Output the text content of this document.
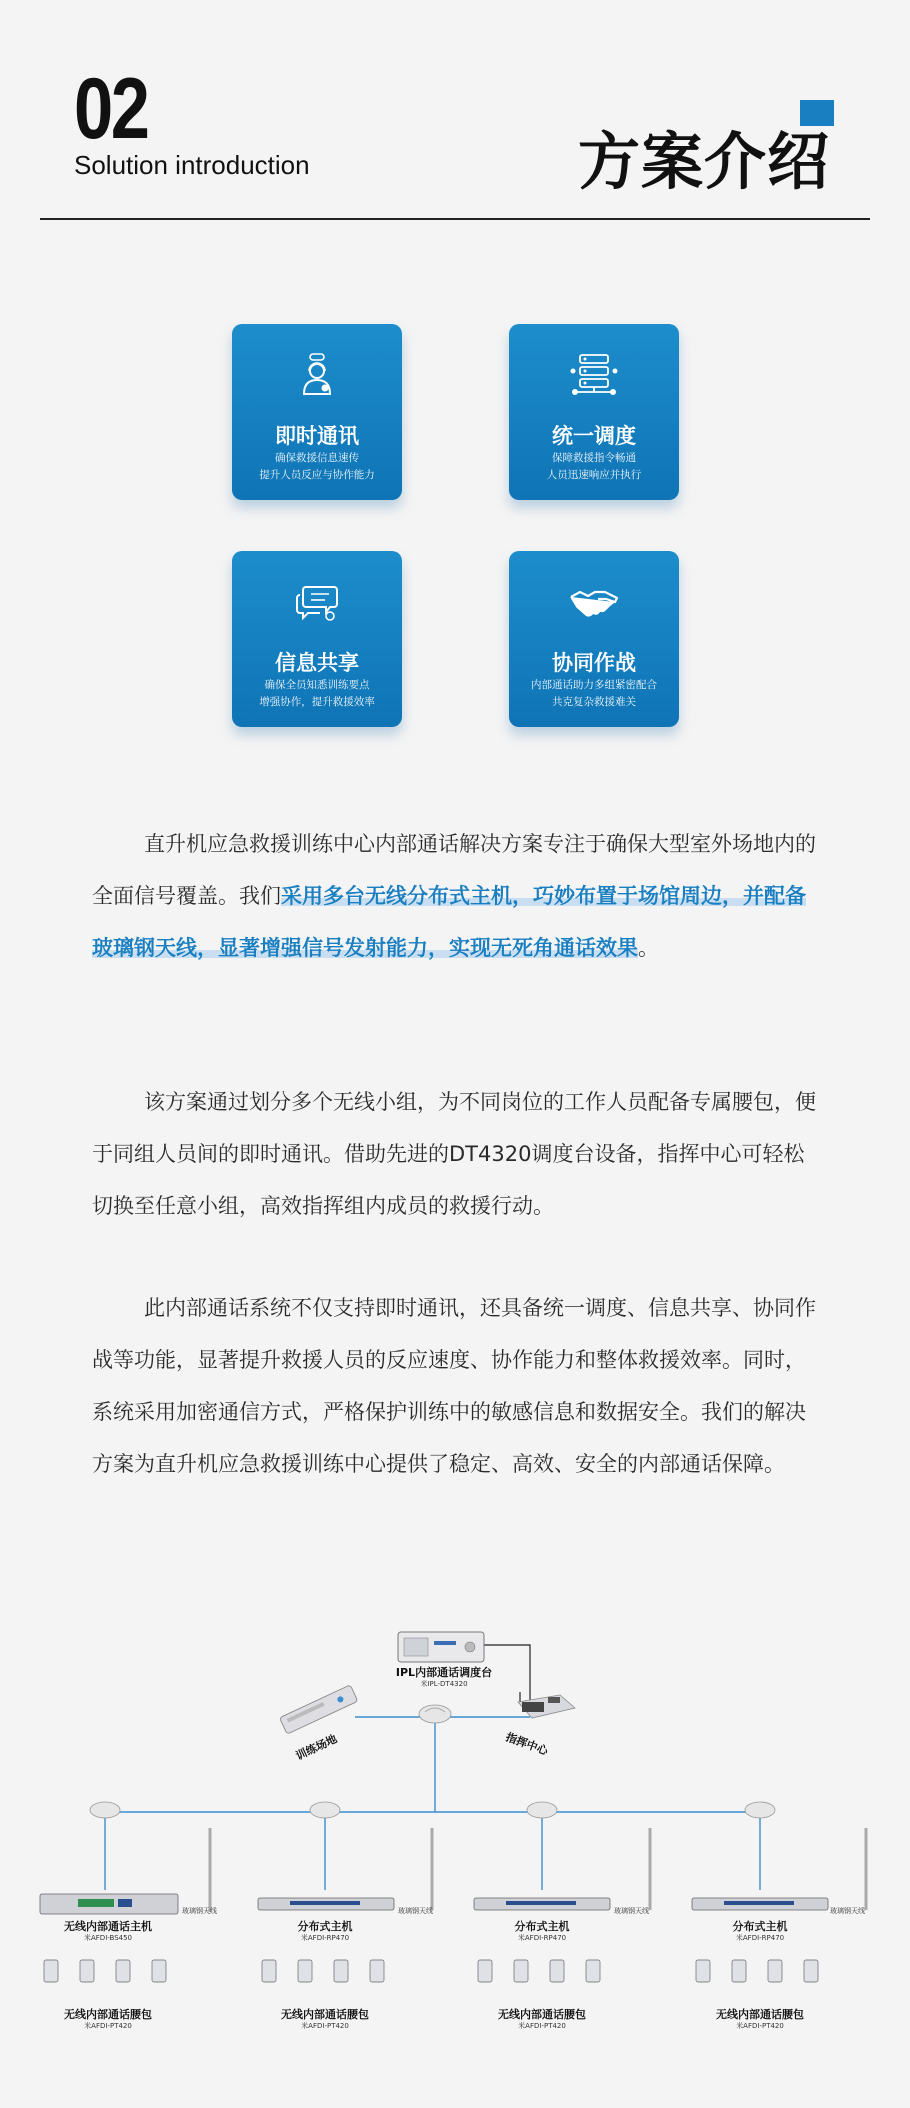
02
Solution introduction	方案介绍
即时通讯
确保救援信息速传
提升人员反应与协作能力
统一调度
保障救援指令畅通
人员迅速响应并执行
信息共享
确保全员知悉训练要点
增强协作，提升救援效率
协同作战
内部通话助力多组紧密配合
共克复杂救援难关

直升机应急救援训练中心内部通话解决方案专注于确保大型室外场地内的全面信号覆盖。我们采用多台无线分布式主机，巧妙布置于场馆周边，并配备玻璃钢天线，显著增强信号发射能力，实现无死角通话效果。

该方案通过划分多个无线小组，为不同岗位的工作人员配备专属腰包，便于同组人员间的即时通讯。借助先进的DT4320调度台设备，指挥中心可轻松切换至任意小组，高效指挥组内成员的救援行动。

此内部通话系统不仅支持即时通讯，还具备统一调度、信息共享、协同作战等功能，显著提升救援人员的反应速度、协作能力和整体救援效率。同时，系统采用加密通信方式，严格保护训练中的敏感信息和数据安全。我们的解决方案为直升机应急救援训练中心提供了稳定、高效、安全的内部通话保障。

IPL内部通话调度台
米IPL-DT4320
训练场地	指挥中心
玻璃钢天线
无线内部通话主机
米AFDI-BS450
无线内部通话腰包
米AFDI-PT420
玻璃钢天线
分布式主机
米AFDI-RP470
无线内部通话腰包
米AFDI-PT420
玻璃钢天线
分布式主机
米AFDI-RP470
无线内部通话腰包
米AFDI-PT420
玻璃钢天线
分布式主机
米AFDI-RP470
无线内部通话腰包
米AFDI-PT420
